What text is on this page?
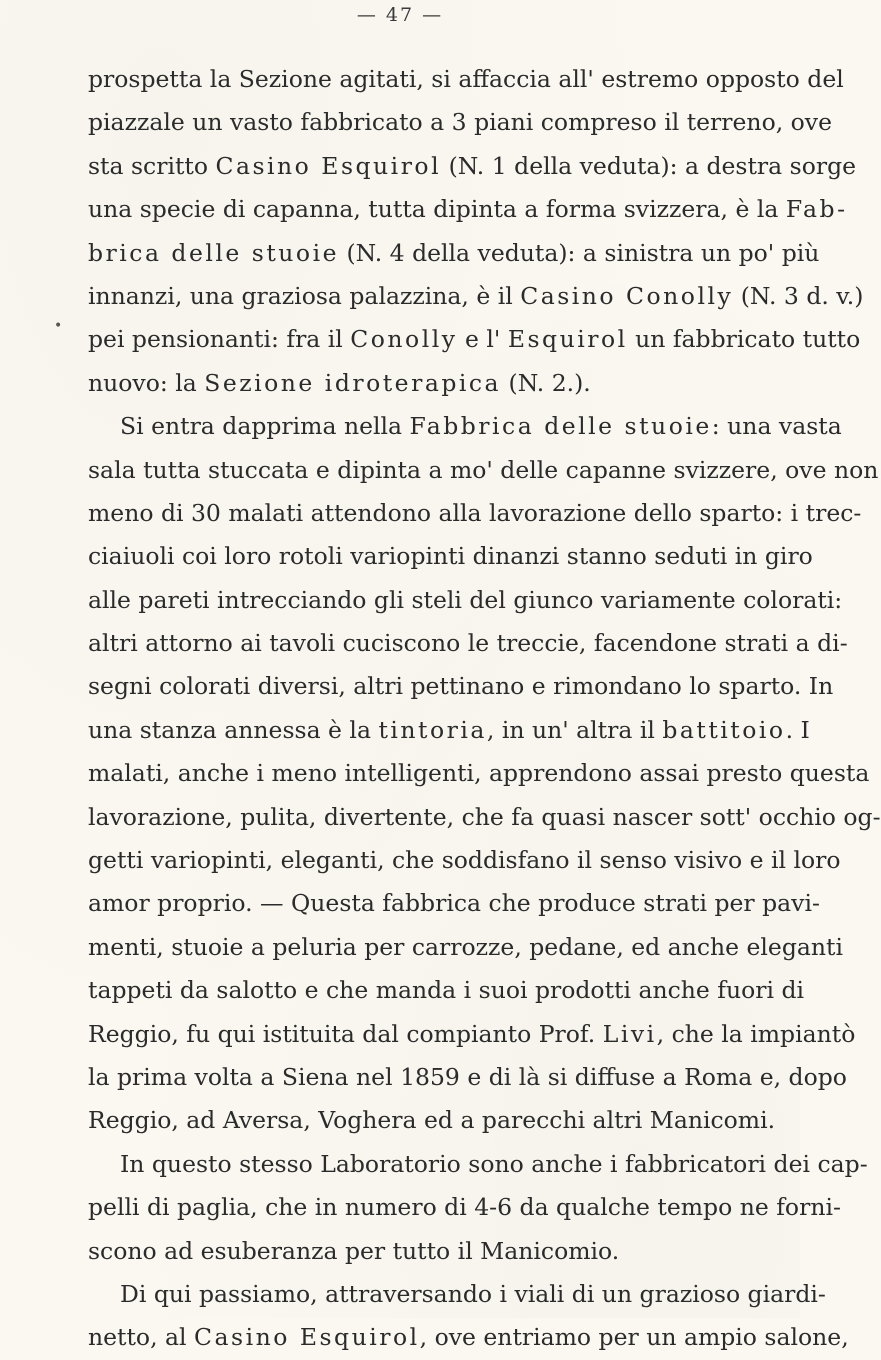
— 47 —
•
prospetta la Sezione agitati, si affaccia all' estremo opposto del
piazzale un vasto fabbricato a 3 piani compreso il terreno, ove
sta scritto Casino Esquirol (N. 1 della veduta): a destra sorge
una specie di capanna, tutta dipinta a forma svizzera, è la Fab-
brica delle stuoie (N. 4 della veduta): a sinistra un po' più
innanzi, una graziosa palazzina, è il Casino Conolly (N. 3 d. v.)
pei pensionanti: fra il Conolly e l' Esquirol un fabbricato tutto
nuovo: la Sezione idroterapica (N. 2.).
Si entra dapprima nella Fabbrica delle stuoie: una vasta
sala tutta stuccata e dipinta a mo' delle capanne svizzere, ove non
meno di 30 malati attendono alla lavorazione dello sparto: i trec-
ciaiuoli coi loro rotoli variopinti dinanzi stanno seduti in giro
alle pareti intrecciando gli steli del giunco variamente colorati:
altri attorno ai tavoli cuciscono le treccie, facendone strati a di-
segni colorati diversi, altri pettinano e rimondano lo sparto. In
una stanza annessa è la tintoria, in un' altra il battitoio. I
malati, anche i meno intelligenti, apprendono assai presto questa
lavorazione, pulita, divertente, che fa quasi nascer sott' occhio og-
getti variopinti, eleganti, che soddisfano il senso visivo e il loro
amor proprio. — Questa fabbrica che produce strati per pavi-
menti, stuoie a peluria per carrozze, pedane, ed anche eleganti
tappeti da salotto e che manda i suoi prodotti anche fuori di
Reggio, fu qui istituita dal compianto Prof. Livi, che la impiantò
la prima volta a Siena nel 1859 e di là si diffuse a Roma e, dopo
Reggio, ad Aversa, Voghera ed a parecchi altri Manicomi.
In questo stesso Laboratorio sono anche i fabbricatori dei cap-
pelli di paglia, che in numero di 4-6 da qualche tempo ne forni-
scono ad esuberanza per tutto il Manicomio.
Di qui passiamo, attraversando i viali di un grazioso giardi-
netto, al Casino Esquirol, ove entriamo per un ampio salone,
